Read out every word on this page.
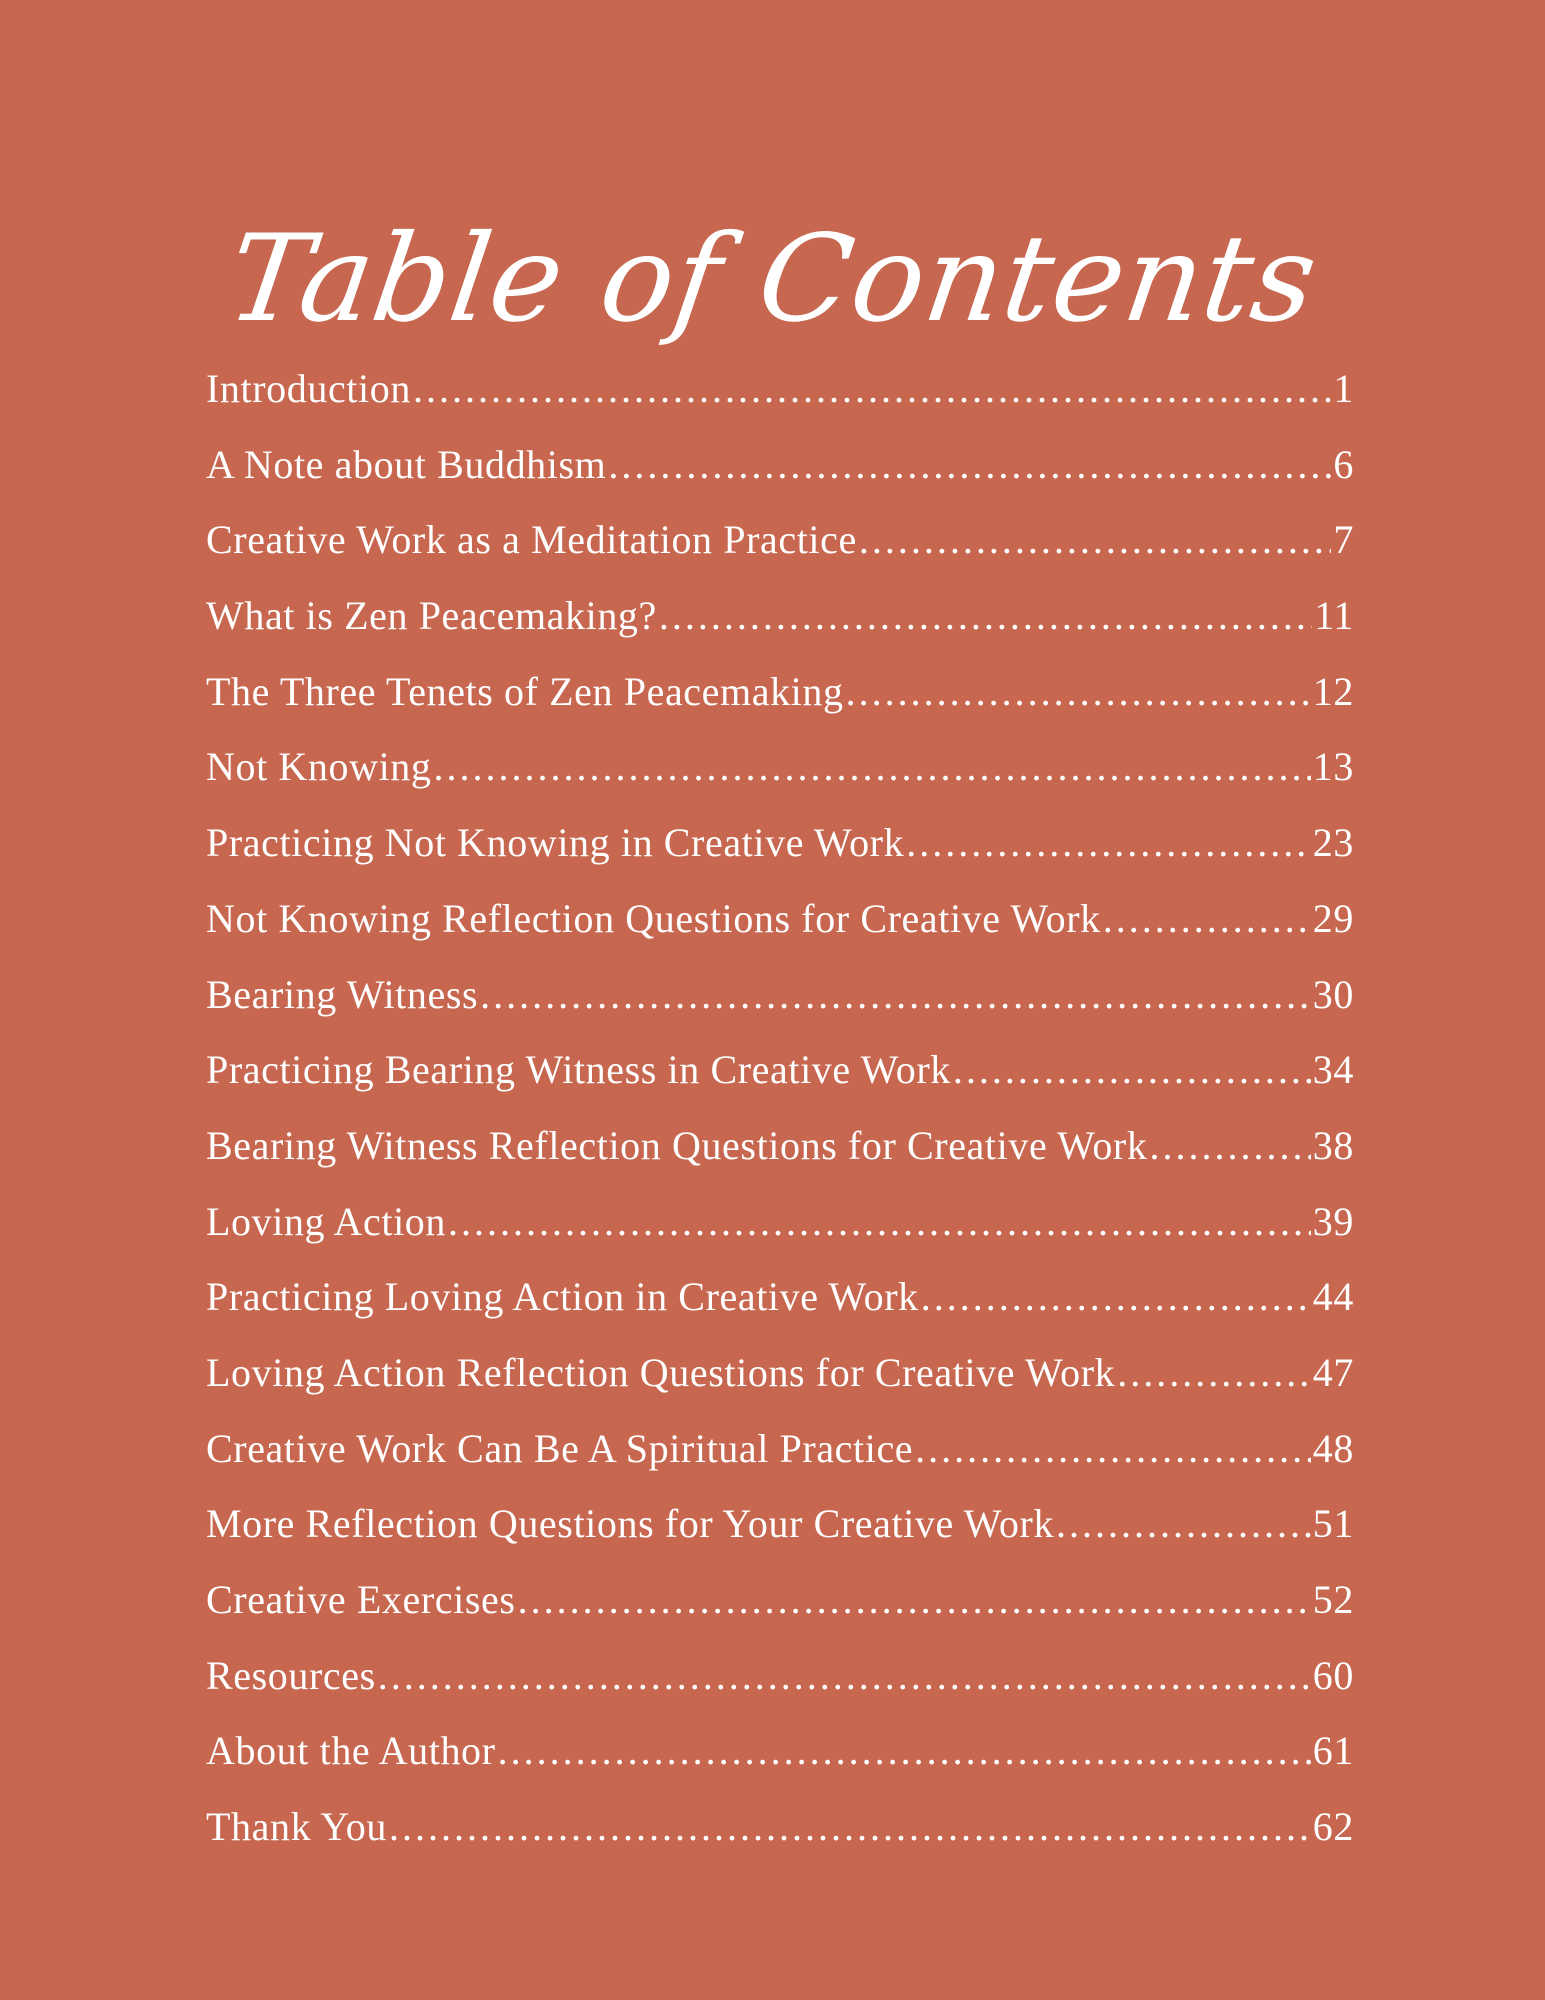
Table of Contents
Introduction .....	1
A Note about Buddhism .....	6
Creative Work as a Meditation Practice .....	7
What is Zen Peacemaking? .....	11
The Three Tenets of Zen Peacemaking .....	12
Not Knowing .....	13
Practicing Not Knowing in Creative Work .....	23
Not Knowing Reflection Questions for Creative Work .....	29
Bearing Witness .....	30
Practicing Bearing Witness in Creative Work .....	34
Bearing Witness Reflection Questions for Creative Work .....	38
Loving Action .....	39
Practicing Loving Action in Creative Work .....	44
Loving Action Reflection Questions for Creative Work .....	47
Creative Work Can Be A Spiritual Practice .....	48
More Reflection Questions for Your Creative Work .....	51
Creative Exercises .....	52
Resources .....	60
About the Author .....	61
Thank You .....	62
